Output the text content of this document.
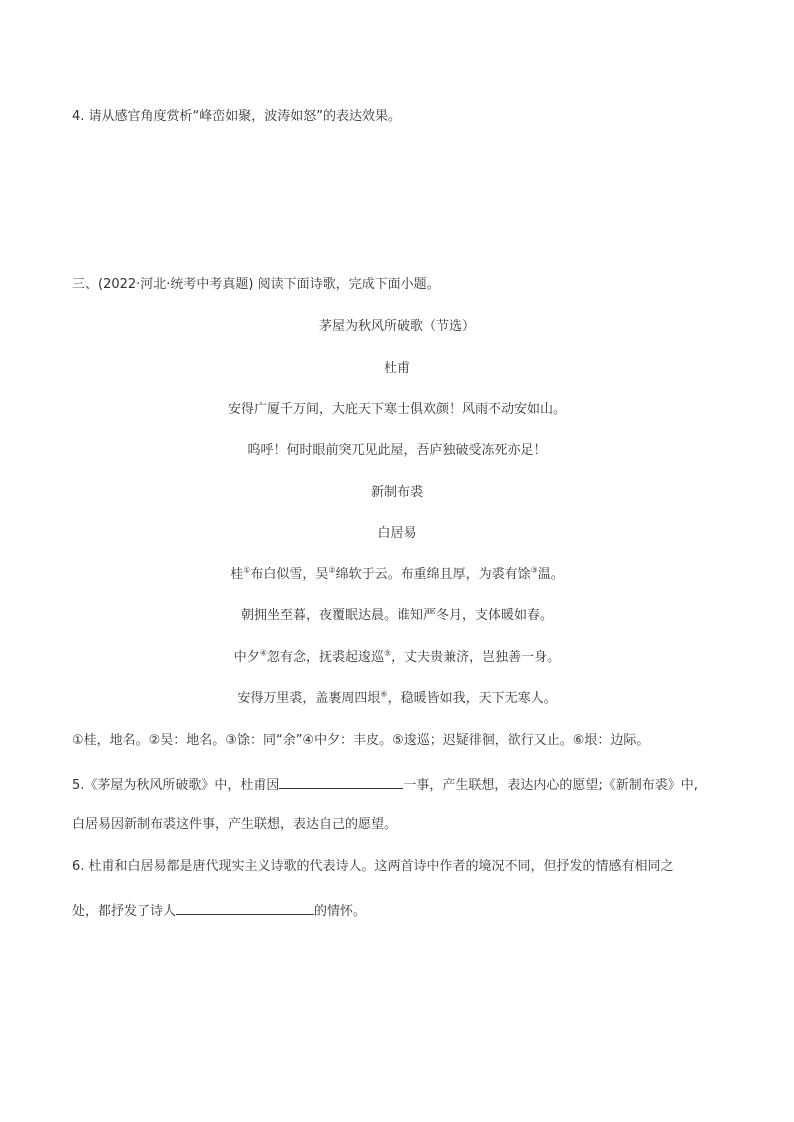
4. 请从感官角度赏析“峰峦如聚，波涛如怒”的表达效果。
三、(2022·河北·统考中考真题) 阅读下面诗歌，完成下面小题。
茅屋为秋风所破歌（节选）
杜甫
安得广厦千万间，大庇天下寒士俱欢颜！风雨不动安如山。
呜呼！何时眼前突兀见此屋，吾庐独破受冻死亦足！
新制布裘
白居易
桂①布白似雪，吴②绵软于云。布重绵且厚，为裘有馀③温。
朝拥坐至暮，夜覆眠达晨。谁知严冬月，支体暖如春。
中夕④忽有念，抚裘起逡巡⑤，丈夫贵兼济，岂独善一身。
安得万里裘，盖裹周四垠⑥，稳暖皆如我，天下无寒人。
①桂，地名。②吴：地名。③馀：同“余”④中夕：丰皮。⑤逡巡；迟疑徘徊，欲行又止。⑥垠：边际。
5.《茅屋为秋风所破歌》中，杜甫因	一事，产生联想，表达内心的愿望;《新制布裘》中,
白居易因新制布裘这件事，产生联想，表达自己的愿望。
6. 杜甫和白居易都是唐代现实主义诗歌的代表诗人。这两首诗中作者的境况不同，但抒发的情感有相同之
处，都抒发了诗人	的情怀。
